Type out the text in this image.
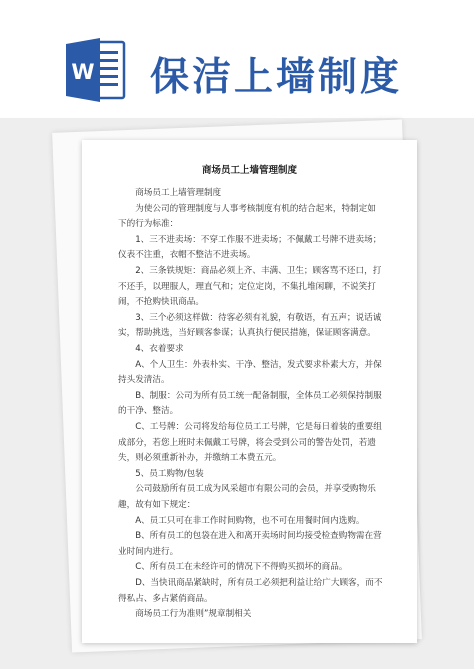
W 保洁上墙制度
商场员工上墙管理制度
　　商场员工上墙管理制度
　　为使公司的管理制度与人事考核制度有机的结合起来，特制定如
下的行为标准：
　　1、三不进卖场：不穿工作服不进卖场；不佩戴工号牌不进卖场；
仪表不注重，衣帽不整洁不进卖场。
　　2、三条铁规矩：商品必须上齐、丰满、卫生；顾客骂不还口，打
不还手，以理服人，理直气和；定位定岗，不集扎堆闲聊，不说笑打
闹，不抢购快讯商品。
　　3、三个必须这样做：待客必须有礼貌，有敬语，有五声；说话诚
实，帮助挑选，当好顾客参谋；认真执行便民措施，保证顾客满意。
　　4、衣着要求
　　A、个人卫生：外表朴实、干净、整洁，发式要求朴素大方，并保
持头发清洁。
　　B、制服：公司为所有员工统一配备制服，全体员工必须保持制服
的干净、整洁。
　　C、工号牌：公司将发给每位员工工号牌，它是每日着装的重要组
成部分，若您上班时未佩戴工号牌，将会受到公司的警告处罚，若遗
失，则必须重新补办，并缴纳工本费五元。
　　5、员工购物/包装
　　公司鼓励所有员工成为风采超市有限公司的会员，并享受购物乐
趣，故有如下规定：
　　A、员工只可在非工作时间购物，也不可在用餐时间内选购。
　　B、所有员工的包袋在进入和离开卖场时间均接受检查购物需在营
业时间内进行。
　　C、所有员工在未经许可的情况下不得购买损坏的商品。
　　D、当快讯商品紧缺时，所有员工必须把利益让给广大顾客，而不
得私占、多占紧俏商品。
　　商场员工行为准则”规章制相关
